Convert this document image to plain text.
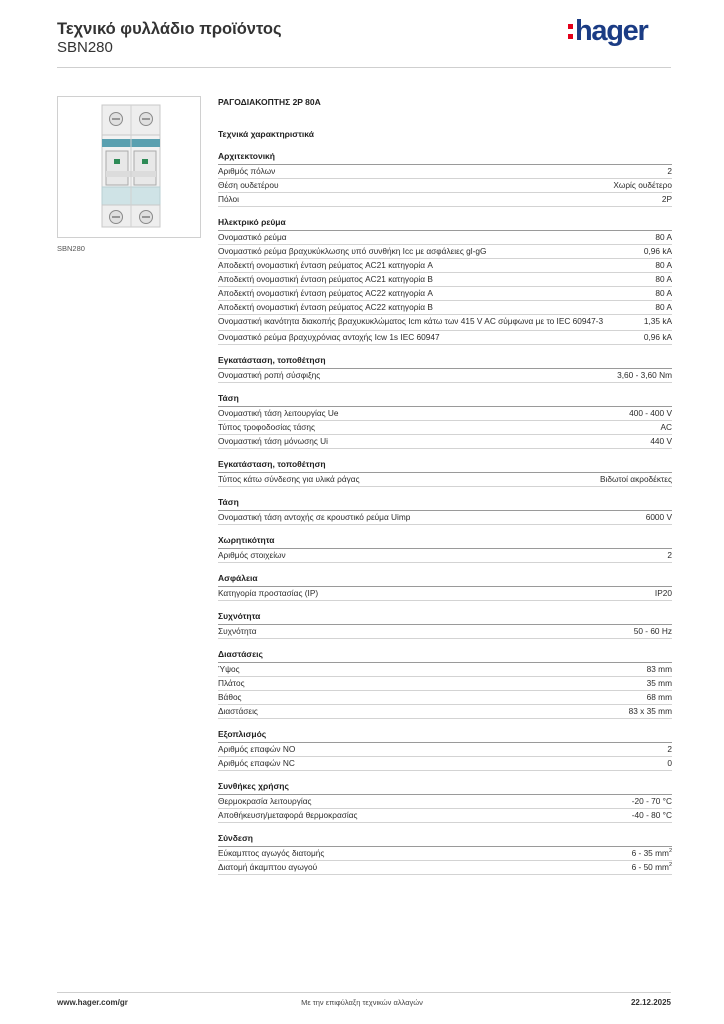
Τεχνικό φυλλάδιο προϊόντος
SBN280
hager
SBN280
ΡΑΓΟΔΙΑΚΟΠΤΗΣ 2P 80A
Τεχνικά χαρακτηριστικά
Αρχιτεκτονική
Αριθμός πόλων	2
Θέση ουδετέρου	Χωρίς ουδέτερο
Πόλοι	2P
Ηλεκτρικό ρεύμα
Ονομαστικό ρεύμα	80 A
Ονομαστικό ρεύμα βραχυκύκλωσης υπό συνθήκη Icc με ασφάλειες gl-gG	0,96 kA
Αποδεκτή ονομαστική ένταση ρεύματος AC21 κατηγορία A	80 A
Αποδεκτή ονομαστική ένταση ρεύματος AC21 κατηγορία B	80 A
Αποδεκτή ονομαστική ένταση ρεύματος AC22 κατηγορία A	80 A
Αποδεκτή ονομαστική ένταση ρεύματος AC22 κατηγορία B	80 A
Ονομαστική ικανότητα διακοπής βραχυκυκλώματος Icm κάτω των 415 V AC σύμφωνα με το IEC 60947-3	1,35 kA
Ονομαστικό ρεύμα βραχυχρόνιας αντοχής Icw 1s IEC 60947	0,96 kA
Εγκατάσταση, τοποθέτηση
Ονομαστική ροπή σύσφιξης	3,60 - 3,60 Nm
Τάση
Ονομαστική τάση λειτουργίας Ue	400 - 400 V
Τύπος τροφοδοσίας τάσης	AC
Ονομαστική τάση μόνωσης Ui	440 V
Εγκατάσταση, τοποθέτηση
Τύπος κάτω σύνδεσης για υλικά ράγας	Βιδωτοί ακροδέκτες
Τάση
Ονομαστική τάση αντοχής σε κρουστικό ρεύμα Uimp	6000 V
Χωρητικότητα
Αριθμός στοιχείων	2
Ασφάλεια
Κατηγορία προστασίας (IP)	IP20
Συχνότητα
Συχνότητα	50 - 60 Hz
Διαστάσεις
Ύψος	83 mm
Πλάτος	35 mm
Βάθος	68 mm
Διαστάσεις	83 x 35 mm
Εξοπλισμός
Αριθμός επαφών NO	2
Αριθμός επαφών NC	0
Συνθήκες χρήσης
Θερμοκρασία λειτουργίας	-20 - 70 °C
Αποθήκευση/μεταφορά θερμοκρασίας	-40 - 80 °C
Σύνδεση
Εύκαμπτος αγωγός διατομής	6 - 35 $mm^2$
Διατομή άκαμπτου αγωγού	6 - 50 $mm^2$
www.hager.com/gr	Με την επιφύλαξη τεχνικών αλλαγών	22.12.2025
